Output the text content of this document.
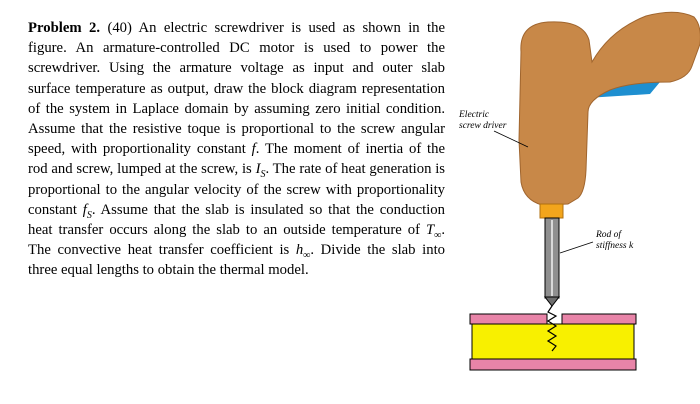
Problem 2. (40) An electric screwdriver is used as shown in the figure. An armature-controlled DC motor is used to power the screwdriver. Using the armature voltage as input and outer slab surface temperature as output, draw the block diagram representation of the system in Laplace domain by assuming zero initial condition. Assume that the resistive toque is proportional to the screw angular speed, with proportionality constant f. The moment of inertia of the rod and screw, lumped at the screw, is $I_S$. The rate of heat generation is proportional to the angular velocity of the screw with proportionality constant $f_S$. Assume that the slab is insulated so that the conduction heat transfer occurs along the slab to an outside temperature of $T_\infty$. The convective heat transfer coefficient is $h_\infty$. Divide the slab into three equal lengths to obtain the thermal model.

Electric
screw driver
Rod of
stiffness k
